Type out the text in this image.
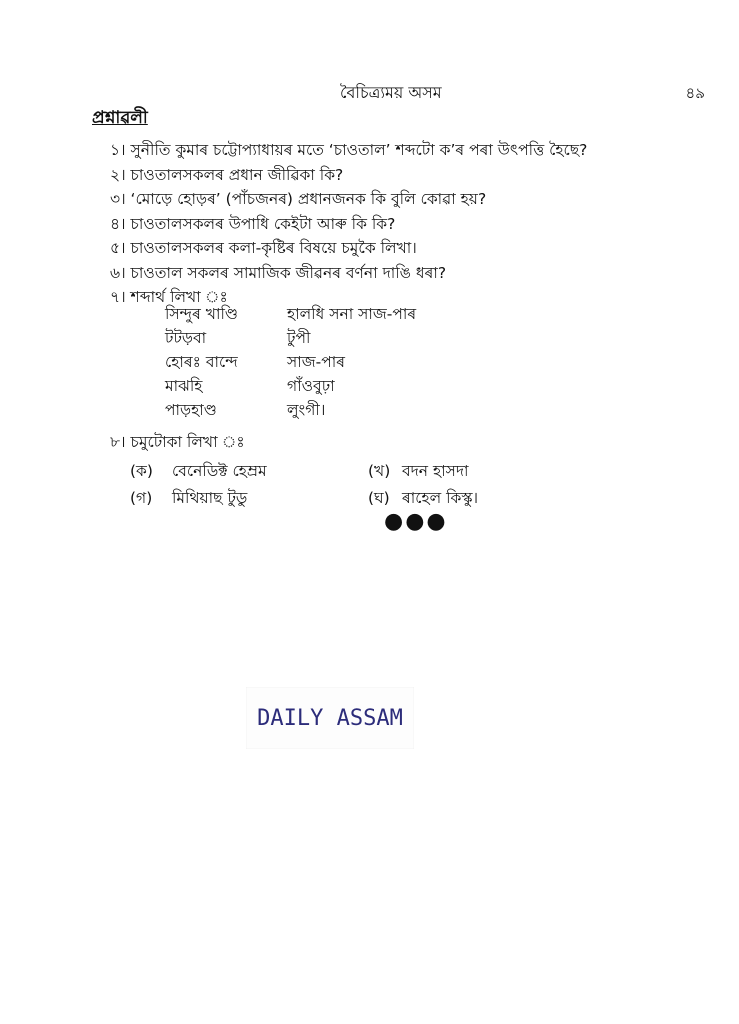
বৈচিত্র্যময় অসম	৪৯
প্ৰশ্নাৱলী
১। সুনীতি কুমাৰ চট্টোপ্যাধায়ৰ মতে ‘চাওতাল’ শব্দটো ক’ৰ পৰা উৎপত্তি হৈছে?
২। চাওতালসকলৰ প্ৰধান জীৱিকা কি?
৩। ‘মোড়ে হোড়ৰ’ (পাঁচজনৰ) প্ৰধানজনক কি বুলি কোৱা হয়?
৪। চাওতালসকলৰ উপাধি কেইটা আৰু কি কি?
৫। চাওতালসকলৰ কলা-কৃষ্টিৰ বিষয়ে চমুকৈ লিখা।
৬। চাওতাল সকলৰ সামাজিক জীৱনৰ বৰ্ণনা দাঙি ধৰা?
৭। শব্দাৰ্থ লিখা ঃ
সিন্দুৰ খাণ্ডি	হালধি সনা সাজ-পাৰ
টটড়বা	টুপী
হোৰঃ বান্দে	সাজ-পাৰ
মাঝহি	গাঁওবুঢ়া
পাড়হাণ্ড	লুংগী।
৮। চমুটোকা লিখা ঃ
(ক)	বেনেডিক্ট হেম্ৰম	(খ) বদন হাসদা
(গ)	মিথিয়াছ টুডু	(ঘ) ৰাহেল কিস্কু।
●●●
DAILY ASSAM
